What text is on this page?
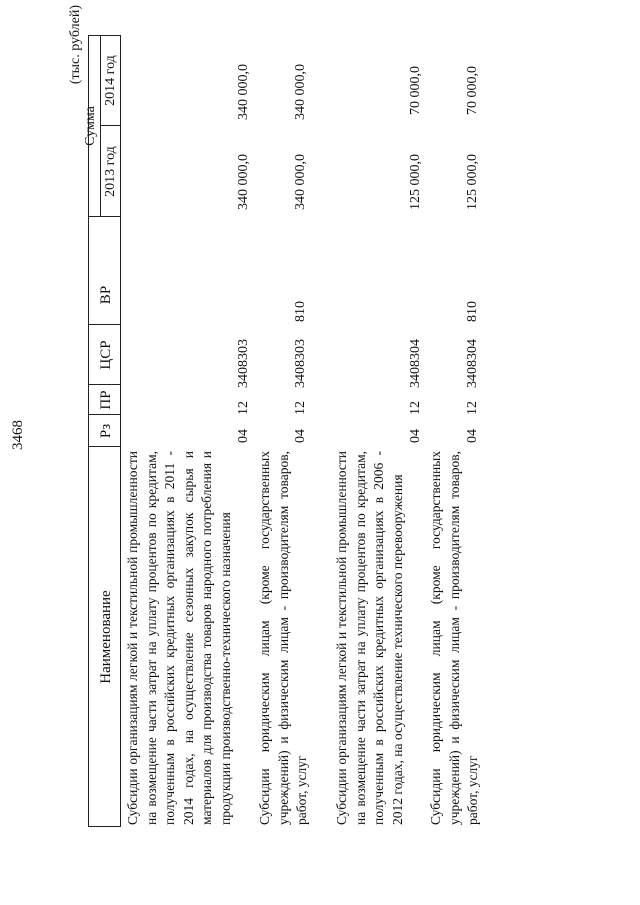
3468
(тыс. рублей)
Наименование
Рз
ПР
ЦСР
ВР
Сумма
2013 год
2014 год
Субсидии организациям легкой и текстильной промышленности на возмещение части затрат на уплату процентов по кредитам, полученным в российских кредитных организациях в 2011 - 2014 годах, на осуществление сезонных закупок сырья и материалов для производства товаров народного потребления и продукции производственно-технического назначения
04
12
3408303
340 000,0
340 000,0
Субсидии юридическим лицам (кроме государственных учреждений) и физическим лицам - производителям товаров, работ, услуг
04
12
3408303
810
340 000,0
340 000,0
Субсидии организациям легкой и текстильной промышленности на возмещение части затрат на уплату процентов по кредитам, полученным в российских кредитных организациях в 2006 - 2012 годах, на осуществление технического перевооружения
04
12
3408304
125 000,0
70 000,0
Субсидии юридическим лицам (кроме государственных учреждений) и физическим лицам - производителям товаров, работ, услуг
04
12
3408304
810
125 000,0
70 000,0
